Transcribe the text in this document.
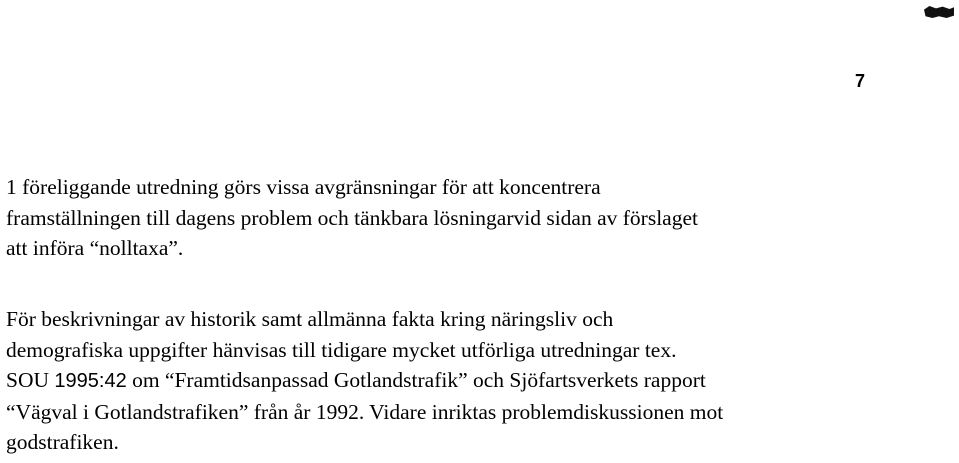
7

1 föreliggande utredning görs vissa avgränsningar för att koncentrera
framställningen till dagens problem och tänkbara lösningarvid sidan av förslaget
att införa “nolltaxa”.

För beskrivningar av historik samt allmänna fakta kring näringsliv och
demografiska uppgifter hänvisas till tidigare mycket utförliga utredningar tex.
SOU 1995:42 om “Framtidsanpassad Gotlandstrafik” och Sjöfartsverkets rapport
“Vägval i Gotlandstrafiken” från år 1992. Vidare inriktas problemdiskussionen mot
godstrafiken.
